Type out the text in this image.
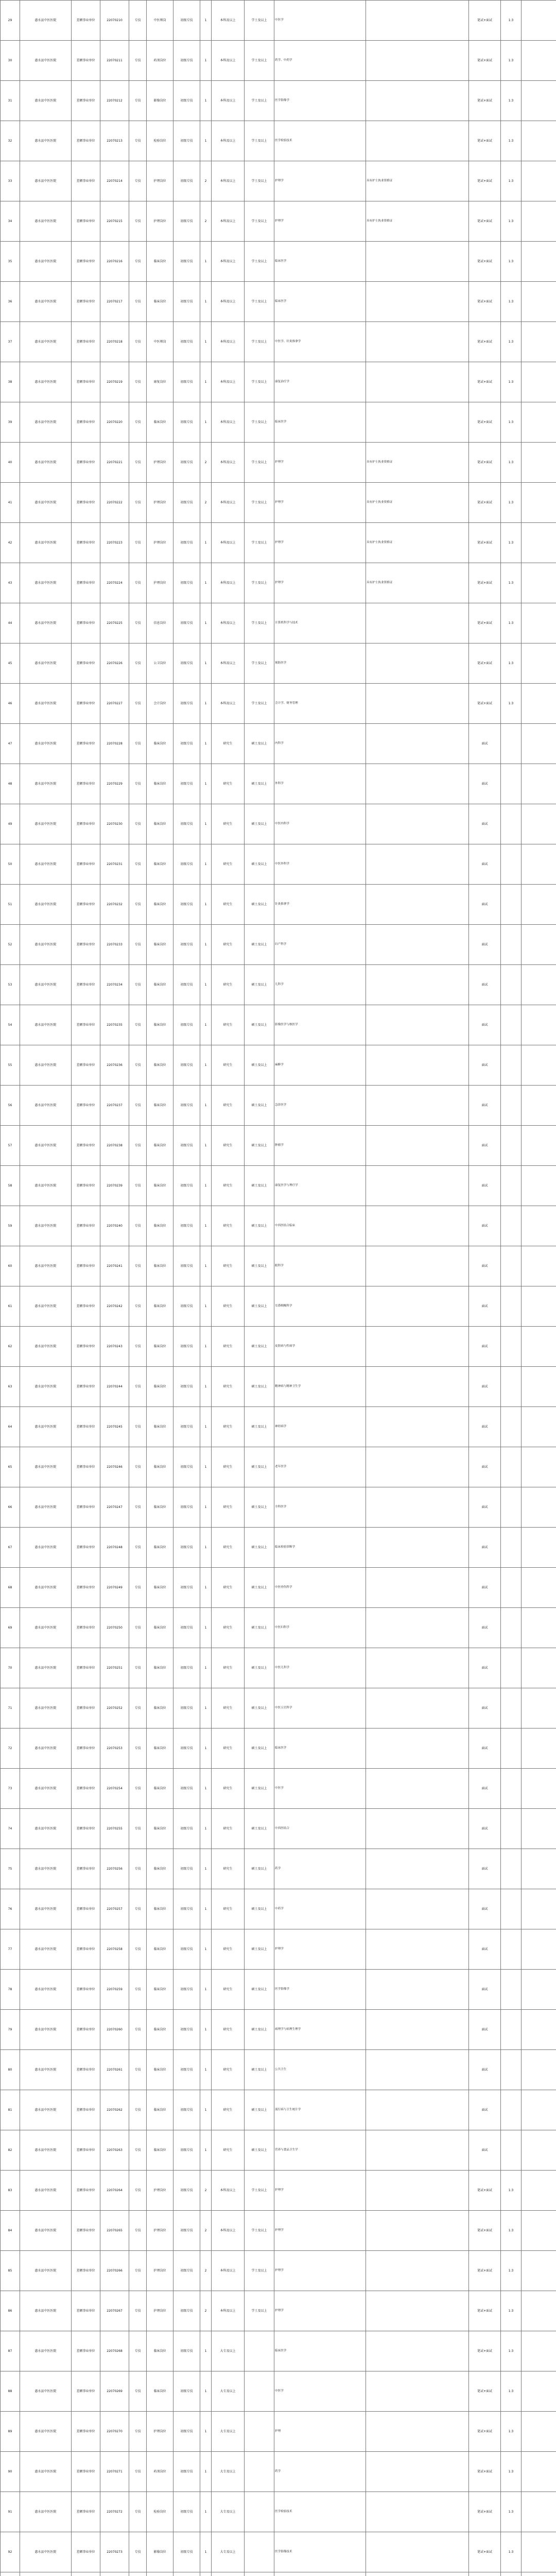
29	惠水县中医医院	差额事业单位	22070210	专技	中医师岗	初级专技	1	本科及以上	学士及以上	中医学		笔试+面试	1:3	
30	惠水县中医医院	差额事业单位	22070211	专技	药剂岗位	初级专技	1	本科及以上	学士及以上	药学、中药学		笔试+面试	1:3	
31	惠水县中医医院	差额事业单位	22070212	专技	影像岗位	初级专技	1	本科及以上	学士及以上	医学影像学		笔试+面试	1:3	
32	惠水县中医医院	差额事业单位	22070213	专技	检验岗位	初级专技	1	本科及以上	学士及以上	医学检验技术		笔试+面试	1:3	
33	惠水县中医医院	差额事业单位	22070214	专技	护理岗位	初级专技	2	本科及以上	学士及以上	护理学	具有护士执业资格证	笔试+面试	1:3	
34	惠水县中医医院	差额事业单位	22070215	专技	护理岗位	初级专技	2	本科及以上	学士及以上	护理学	具有护士执业资格证	笔试+面试	1:3	
35	惠水县中医医院	差额事业单位	22070216	专技	临床岗位	初级专技	1	本科及以上	学士及以上	临床医学		笔试+面试	1:3	
36	惠水县中医医院	差额事业单位	22070217	专技	临床岗位	初级专技	1	本科及以上	学士及以上	临床医学		笔试+面试	1:3	
37	惠水县中医医院	差额事业单位	22070218	专技	中医师岗	初级专技	1	本科及以上	学士及以上	中医学、针灸推拿学		笔试+面试	1:3	
38	惠水县中医医院	差额事业单位	22070219	专技	康复岗位	初级专技	1	本科及以上	学士及以上	康复治疗学		笔试+面试	1:3	
39	惠水县中医医院	差额事业单位	22070220	专技	临床岗位	初级专技	1	本科及以上	学士及以上	临床医学		笔试+面试	1:3	
40	惠水县中医医院	差额事业单位	22070221	专技	护理岗位	初级专技	2	本科及以上	学士及以上	护理学	具有护士执业资格证	笔试+面试	1:3	
41	惠水县中医医院	差额事业单位	22070222	专技	护理岗位	初级专技	2	本科及以上	学士及以上	护理学	具有护士执业资格证	笔试+面试	1:3	
42	惠水县中医医院	差额事业单位	22070223	专技	护理岗位	初级专技	1	本科及以上	学士及以上	护理学	具有护士执业资格证	笔试+面试	1:3	
43	惠水县中医医院	差额事业单位	22070224	专技	护理岗位	初级专技	1	本科及以上	学士及以上	护理学	具有护士执业资格证	笔试+面试	1:3	
44	惠水县中医医院	差额事业单位	22070225	专技	信息岗位	初级专技	1	本科及以上	学士及以上	计算机科学与技术		笔试+面试	1:3	
45	惠水县中医医院	差额事业单位	22070226	专技	公卫岗位	初级专技	1	本科及以上	学士及以上	预防医学		笔试+面试	1:3	
46	惠水县中医医院	差额事业单位	22070227	专技	会计岗位	初级专技	1	本科及以上	学士及以上	会计学、财务管理		笔试+面试	1:3	
47	惠水县中医医院	差额事业单位	22070228	专技	临床岗位	初级专技	1	研究生	硕士及以上	内科学		面试		
48	惠水县中医医院	差额事业单位	22070229	专技	临床岗位	初级专技	1	研究生	硕士及以上	外科学		面试		
49	惠水县中医医院	差额事业单位	22070230	专技	临床岗位	初级专技	1	研究生	硕士及以上	中医内科学		面试		
50	惠水县中医医院	差额事业单位	22070231	专技	临床岗位	初级专技	1	研究生	硕士及以上	中医外科学		面试		
51	惠水县中医医院	差额事业单位	22070232	专技	临床岗位	初级专技	1	研究生	硕士及以上	针灸推拿学		面试		
52	惠水县中医医院	差额事业单位	22070233	专技	临床岗位	初级专技	1	研究生	硕士及以上	妇产科学		面试		
53	惠水县中医医院	差额事业单位	22070234	专技	临床岗位	初级专技	1	研究生	硕士及以上	儿科学		面试		
54	惠水县中医医院	差额事业单位	22070235	专技	临床岗位	初级专技	1	研究生	硕士及以上	影像医学与核医学		面试		
55	惠水县中医医院	差额事业单位	22070236	专技	临床岗位	初级专技	1	研究生	硕士及以上	麻醉学		面试		
56	惠水县中医医院	差额事业单位	22070237	专技	临床岗位	初级专技	1	研究生	硕士及以上	急诊医学		面试		
57	惠水县中医医院	差额事业单位	22070238	专技	临床岗位	初级专技	1	研究生	硕士及以上	肿瘤学		面试		
58	惠水县中医医院	差额事业单位	22070239	专技	临床岗位	初级专技	1	研究生	硕士及以上	康复医学与理疗学		面试		
59	惠水县中医医院	差额事业单位	22070240	专技	临床岗位	初级专技	1	研究生	硕士及以上	中西医结合临床		面试		
60	惠水县中医医院	差额事业单位	22070241	专技	临床岗位	初级专技	1	研究生	硕士及以上	眼科学		面试		
61	惠水县中医医院	差额事业单位	22070242	专技	临床岗位	初级专技	1	研究生	硕士及以上	耳鼻咽喉科学		面试		
62	惠水县中医医院	差额事业单位	22070243	专技	临床岗位	初级专技	1	研究生	硕士及以上	皮肤病与性病学		面试		
63	惠水县中医医院	差额事业单位	22070244	专技	临床岗位	初级专技	1	研究生	硕士及以上	精神病与精神卫生学		面试		
64	惠水县中医医院	差额事业单位	22070245	专技	临床岗位	初级专技	1	研究生	硕士及以上	神经病学		面试		
65	惠水县中医医院	差额事业单位	22070246	专技	临床岗位	初级专技	1	研究生	硕士及以上	老年医学		面试		
66	惠水县中医医院	差额事业单位	22070247	专技	临床岗位	初级专技	1	研究生	硕士及以上	全科医学		面试		
67	惠水县中医医院	差额事业单位	22070248	专技	临床岗位	初级专技	1	研究生	硕士及以上	临床检验诊断学		面试		
68	惠水县中医医院	差额事业单位	22070249	专技	临床岗位	初级专技	1	研究生	硕士及以上	中医骨伤科学		面试		
69	惠水县中医医院	差额事业单位	22070250	专技	临床岗位	初级专技	1	研究生	硕士及以上	中医妇科学		面试		
70	惠水县中医医院	差额事业单位	22070251	专技	临床岗位	初级专技	1	研究生	硕士及以上	中医儿科学		面试		
71	惠水县中医医院	差额事业单位	22070252	专技	临床岗位	初级专技	1	研究生	硕士及以上	中医五官科学		面试		
72	惠水县中医医院	差额事业单位	22070253	专技	临床岗位	初级专技	1	研究生	硕士及以上	临床医学		面试		
73	惠水县中医医院	差额事业单位	22070254	专技	临床岗位	初级专技	1	研究生	硕士及以上	中医学		面试		
74	惠水县中医医院	差额事业单位	22070255	专技	临床岗位	初级专技	1	研究生	硕士及以上	中西医结合		面试		
75	惠水县中医医院	差额事业单位	22070256	专技	临床岗位	初级专技	1	研究生	硕士及以上	药学		面试		
76	惠水县中医医院	差额事业单位	22070257	专技	临床岗位	初级专技	1	研究生	硕士及以上	中药学		面试		
77	惠水县中医医院	差额事业单位	22070258	专技	临床岗位	初级专技	1	研究生	硕士及以上	护理学		面试		
78	惠水县中医医院	差额事业单位	22070259	专技	临床岗位	初级专技	1	研究生	硕士及以上	医学影像学		面试		
79	惠水县中医医院	差额事业单位	22070260	专技	临床岗位	初级专技	1	研究生	硕士及以上	病理学与病理生理学		面试		
80	惠水县中医医院	差额事业单位	22070261	专技	临床岗位	初级专技	1	研究生	硕士及以上	公共卫生		面试		
81	惠水县中医医院	差额事业单位	22070262	专技	临床岗位	初级专技	1	研究生	硕士及以上	流行病与卫生统计学		面试		
82	惠水县中医医院	差额事业单位	22070263	专技	临床岗位	初级专技	1	研究生	硕士及以上	营养与食品卫生学		面试		
83	惠水县中医医院	差额事业单位	22070264	专技	护理岗位	初级专技	2	本科及以上	学士及以上	护理学		笔试+面试	1:3	
84	惠水县中医医院	差额事业单位	22070265	专技	护理岗位	初级专技	2	本科及以上	学士及以上	护理学		笔试+面试	1:3	
85	惠水县中医医院	差额事业单位	22070266	专技	护理岗位	初级专技	2	本科及以上	学士及以上	护理学		笔试+面试	1:3	
86	惠水县中医医院	差额事业单位	22070267	专技	护理岗位	初级专技	2	本科及以上	学士及以上	护理学		笔试+面试	1:3	
87	惠水县中医医院	差额事业单位	22070268	专技	临床岗位	初级专技	1	大专及以上		临床医学		笔试+面试	1:3	
88	惠水县中医医院	差额事业单位	22070269	专技	临床岗位	初级专技	1	大专及以上		中医学		笔试+面试	1:3	
89	惠水县中医医院	差额事业单位	22070270	专技	护理岗位	初级专技	1	大专及以上		护理		笔试+面试	1:3	
90	惠水县中医医院	差额事业单位	22070271	专技	药剂岗位	初级专技	1	大专及以上		药学		笔试+面试	1:3	
91	惠水县中医医院	差额事业单位	22070272	专技	检验岗位	初级专技	1	大专及以上		医学检验技术		笔试+面试	1:3	
92	惠水县中医医院	差额事业单位	22070273	专技	影像岗位	初级专技	1	大专及以上		医学影像技术		笔试+面试	1:3	
